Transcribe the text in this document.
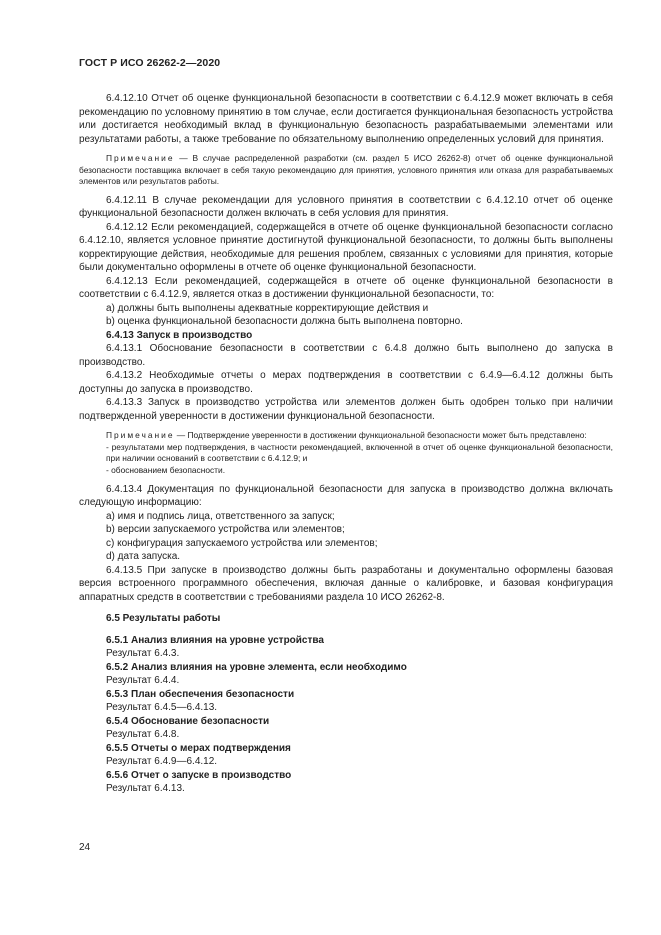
ГОСТ Р ИСО 26262-2—2020

6.4.12.10 Отчет об оценке функциональной безопасности в соответствии с 6.4.12.9 может включать в себя рекомендацию по условному принятию в том случае, если достигается функциональная безопасность устройства или достигается необходимый вклад в функциональную безопасность разрабатываемыми элементами или результатами работы, а также требование по обязательному выполнению определенных условий для принятия.

Примечание — В случае распределенной разработки (см. раздел 5 ИСО 26262-8) отчет об оценке функциональной безопасности поставщика включает в себя такую рекомендацию для принятия, условного принятия или отказа для разрабатываемых элементов или результатов работы.

6.4.12.11 В случае рекомендации для условного принятия в соответствии с 6.4.12.10 отчет об оценке функциональной безопасности должен включать в себя условия для принятия.

6.4.12.12 Если рекомендацией, содержащейся в отчете об оценке функциональной безопасности согласно 6.4.12.10, является условное принятие достигнутой функциональной безопасности, то должны быть выполнены корректирующие действия, необходимые для решения проблем, связанных с условиями для принятия, которые были документально оформлены в отчете об оценке функциональной безопасности.

6.4.12.13 Если рекомендацией, содержащейся в отчете об оценке функциональной безопасности в соответствии с 6.4.12.9, является отказ в достижении функциональной безопасности, то:

а) должны быть выполнены адекватные корректирующие действия и

b) оценка функциональной безопасности должна быть выполнена повторно.

6.4.13 Запуск в производство

6.4.13.1 Обоснование безопасности в соответствии с 6.4.8 должно быть выполнено до запуска в производство.

6.4.13.2 Необходимые отчеты о мерах подтверждения в соответствии с 6.4.9—6.4.12 должны быть доступны до запуска в производство.

6.4.13.3 Запуск в производство устройства или элементов должен быть одобрен только при наличии подтвержденной уверенности в достижении функциональной безопасности.

Примечание — Подтверждение уверенности в достижении функциональной безопасности может быть представлено:

- результатами мер подтверждения, в частности рекомендацией, включенной в отчет об оценке функциональной безопасности, при наличии оснований в соответствии с 6.4.12.9; и

- обоснованием безопасности.

6.4.13.4 Документация по функциональной безопасности для запуска в производство должна включать следующую информацию:

а) имя и подпись лица, ответственного за запуск;

b) версии запускаемого устройства или элементов;

c) конфигурация запускаемого устройства или элементов;

d) дата запуска.

6.4.13.5 При запуске в производство должны быть разработаны и документально оформлены базовая версия встроенного программного обеспечения, включая данные о калибровке, и базовая конфигурация аппаратных средств в соответствии с требованиями раздела 10 ИСО 26262-8.

6.5 Результаты работы

6.5.1 Анализ влияния на уровне устройства

Результат 6.4.3.

6.5.2 Анализ влияния на уровне элемента, если необходимо

Результат 6.4.4.

6.5.3 План обеспечения безопасности

Результат 6.4.5—6.4.13.

6.5.4 Обоснование безопасности

Результат 6.4.8.

6.5.5 Отчеты о мерах подтверждения

Результат 6.4.9—6.4.12.

6.5.6 Отчет о запуске в производство

Результат 6.4.13.

24
